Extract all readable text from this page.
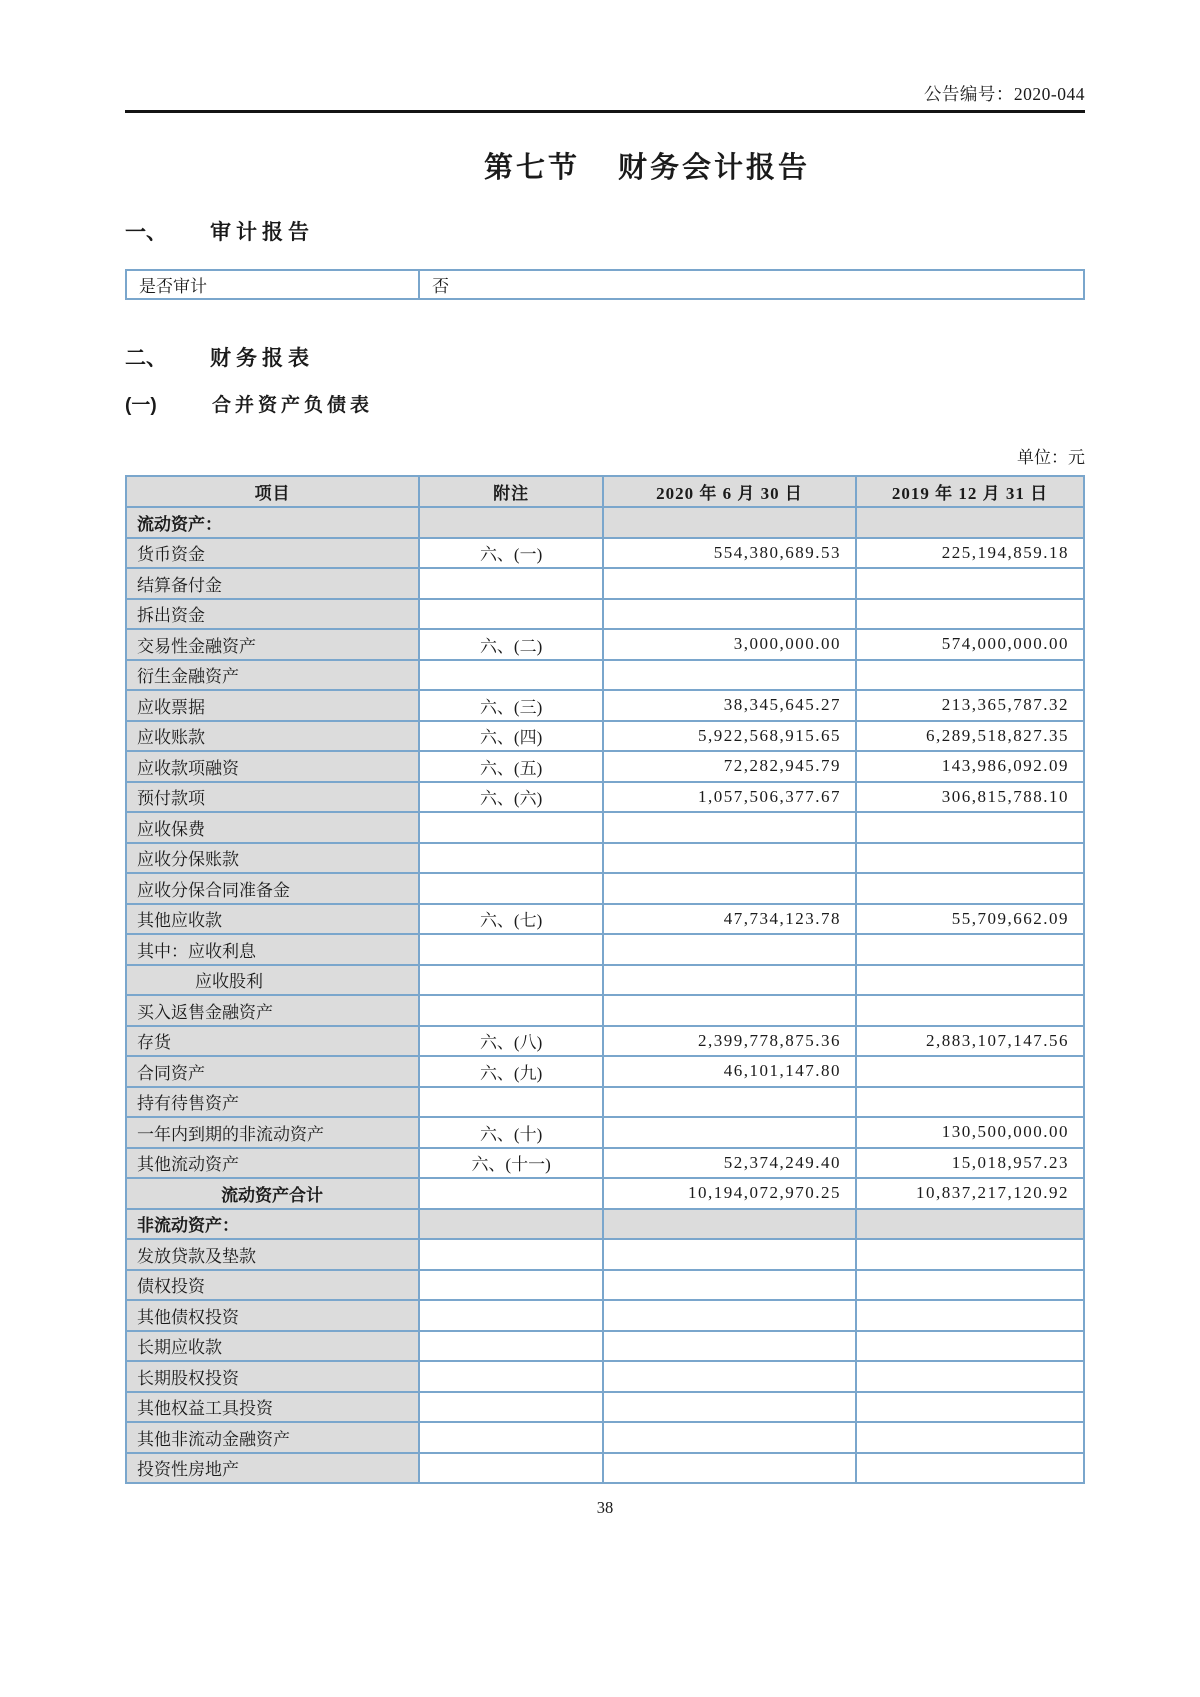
公告编号：2020-044
第七节 财务会计报告
一、 审计报告
是否审计	否
二、 财务报表
(一)	合并资产负债表
单位：元
项目	附注	2020 年 6 月 30 日	2019 年 12 月 31 日
流动资产：			
货币资金	六、(一)	554,380,689.53	225,194,859.18
结算备付金			
拆出资金			
交易性金融资产	六、(二)	3,000,000.00	574,000,000.00
衍生金融资产			
应收票据	六、(三)	38,345,645.27	213,365,787.32
应收账款	六、(四)	5,922,568,915.65	6,289,518,827.35
应收款项融资	六、(五)	72,282,945.79	143,986,092.09
预付款项	六、(六)	1,057,506,377.67	306,815,788.10
应收保费			
应收分保账款			
应收分保合同准备金			
其他应收款	六、(七)	47,734,123.78	55,709,662.09
其中：应收利息			
应收股利			
买入返售金融资产			
存货	六、(八)	2,399,778,875.36	2,883,107,147.56
合同资产	六、(九)	46,101,147.80	
持有待售资产			
一年内到期的非流动资产	六、(十)		130,500,000.00
其他流动资产	六、(十一)	52,374,249.40	15,018,957.23
流动资产合计		10,194,072,970.25	10,837,217,120.92
非流动资产：			
发放贷款及垫款			
债权投资			
其他债权投资			
长期应收款			
长期股权投资			
其他权益工具投资			
其他非流动金融资产			
投资性房地产			
38
